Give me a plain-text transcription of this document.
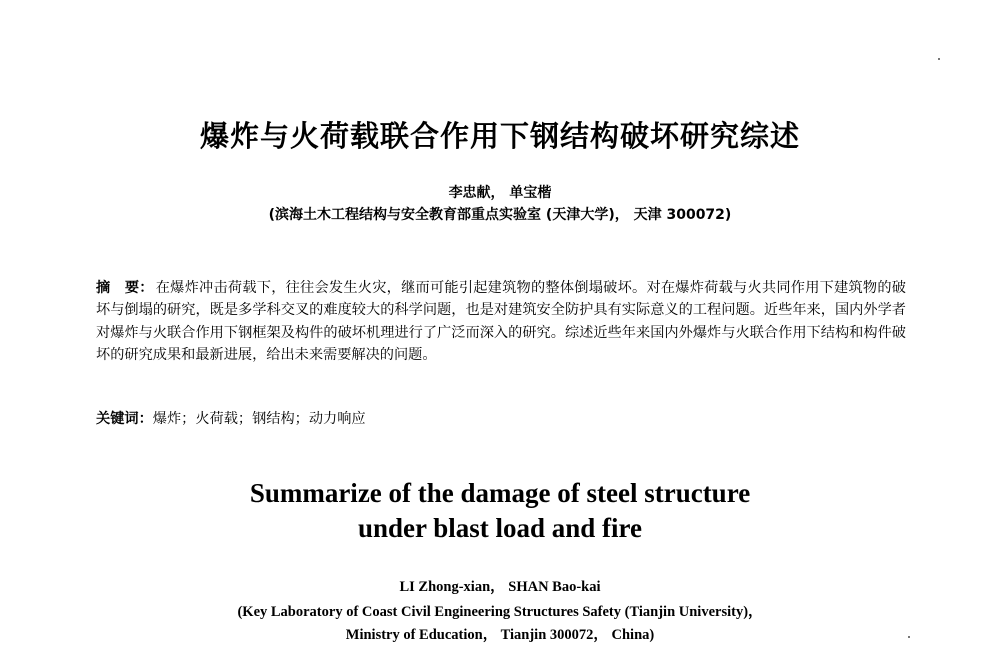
爆炸与火荷载联合作用下钢结构破坏研究综述
李忠献， 单宝楷
(滨海土木工程结构与安全教育部重点实验室 (天津大学)， 天津 300072)
摘　要： 在爆炸冲击荷载下，往往会发生火灾，继而可能引起建筑物的整体倒塌破坏。对在爆炸荷载与火共同作用下建筑物的破坏与倒塌的研究，既是多学科交叉的难度较大的科学问题，也是对建筑安全防护具有实际意义的工程问题。近些年来，国内外学者对爆炸与火联合作用下钢框架及构件的破坏机理进行了广泛而深入的研究。综述近些年来国内外爆炸与火联合作用下结构和构件破坏的研究成果和最新进展，给出未来需要解决的问题。
关键词：爆炸；火荷载；钢结构；动力响应
Summarize of the damage of steel structure
under blast load and fire
LI Zhong-xian， SHAN Bao-kai
(Key Laboratory of Coast Civil Engineering Structures Safety (Tianjin University)，
Ministry of Education， Tianjin 300072， China)
